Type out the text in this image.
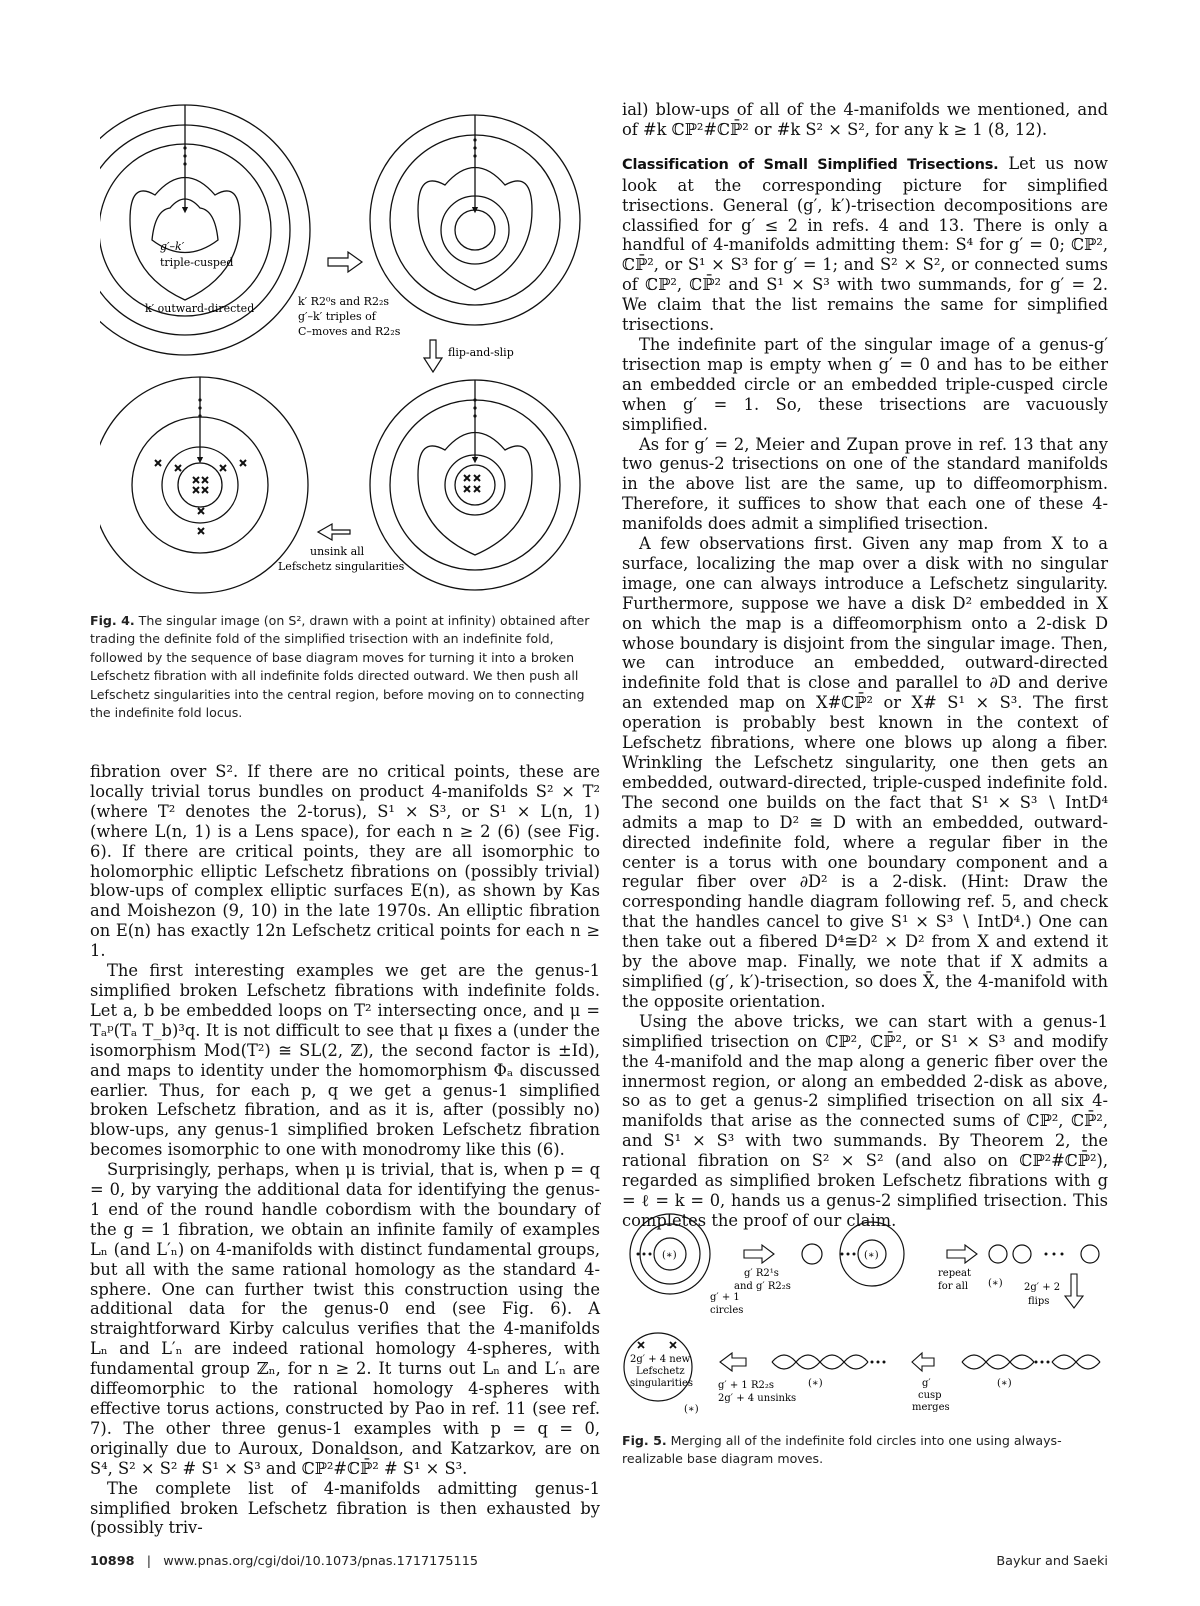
g′–k′
triple-cusped
k′ outward-directed
k′ R2⁰s and R2₂s
g′–k′ triples of
C–moves and R2₂s
flip-and-slip
unsink all
Lefschetz singularities

Fig. 4. The singular image (on S², drawn with a point at infinity) obtained after trading the definite fold of the simplified trisection with an indefinite fold, followed by the sequence of base diagram moves for turning it into a broken Lefschetz fibration with all indefinite folds directed outward. We then push all Lefschetz singularities into the central region, before moving on to connecting the indefinite fold locus.

fibration over S². If there are no critical points, these are locally trivial torus bundles on product 4-manifolds S² × T² (where T² denotes the 2-torus), S¹ × S³, or S¹ × L(n, 1) (where L(n, 1) is a Lens space), for each n ≥ 2 (6) (see Fig. 6). If there are critical points, they are all isomorphic to holomorphic elliptic Lefschetz fibrations on (possibly trivial) blow-ups of complex elliptic surfaces E(n), as shown by Kas and Moishezon (9, 10) in the late 1970s. An elliptic fibration on E(n) has exactly 12n Lefschetz critical points for each n ≥ 1.

The first interesting examples we get are the genus-1 simplified broken Lefschetz fibrations with indefinite folds. Let a, b be embedded loops on T² intersecting once, and μ = Tₐᵖ(Tₐ T_b)³q. It is not difficult to see that μ fixes a (under the isomorphism Mod(T²) ≅ SL(2, ℤ), the second factor is ±Id), and maps to identity under the homomorphism Φₐ discussed earlier. Thus, for each p, q we get a genus-1 simplified broken Lefschetz fibration, and as it is, after (possibly no) blow-ups, any genus-1 simplified broken Lefschetz fibration becomes isomorphic to one with monodromy like this (6).

Surprisingly, perhaps, when μ is trivial, that is, when p = q = 0, by varying the additional data for identifying the genus-1 end of the round handle cobordism with the boundary of the g = 1 fibration, we obtain an infinite family of examples Lₙ (and L′ₙ) on 4-manifolds with distinct fundamental groups, but all with the same rational homology as the standard 4-sphere. One can further twist this construction using the additional data for the genus-0 end (see Fig. 6). A straightforward Kirby calculus verifies that the 4-manifolds Lₙ and L′ₙ are indeed rational homology 4-spheres, with fundamental group ℤₙ, for n ≥ 2. It turns out Lₙ and L′ₙ are diffeomorphic to the rational homology 4-spheres with effective torus actions, constructed by Pao in ref. 11 (see ref. 7). The other three genus-1 examples with p = q = 0, originally due to Auroux, Donaldson, and Katzarkov, are on S⁴, S² × S² # S¹ × S³ and ℂℙ²#ℂℙ̄² # S¹ × S³.

The complete list of 4-manifolds admitting genus-1 simplified broken Lefschetz fibration is then exhausted by (possibly triv-

ial) blow-ups of all of the 4-manifolds we mentioned, and of #k ℂℙ²#ℂℙ̄² or #k S² × S², for any k ≥ 1 (8, 12).

Classification of Small Simplified Trisections. Let us now look at the corresponding picture for simplified trisections. General (g′, k′)-trisection decompositions are classified for g′ ≤ 2 in refs. 4 and 13. There is only a handful of 4-manifolds admitting them: S⁴ for g′ = 0; ℂℙ², ℂℙ̄², or S¹ × S³ for g′ = 1; and S² × S², or connected sums of ℂℙ², ℂℙ̄² and S¹ × S³ with two summands, for g′ = 2. We claim that the list remains the same for simplified trisections.

The indefinite part of the singular image of a genus-g′ trisection map is empty when g′ = 0 and has to be either an embedded circle or an embedded triple-cusped circle when g′ = 1. So, these trisections are vacuously simplified.

As for g′ = 2, Meier and Zupan prove in ref. 13 that any two genus-2 trisections on one of the standard manifolds in the above list are the same, up to diffeomorphism. Therefore, it suffices to show that each one of these 4-manifolds does admit a simplified trisection.

A few observations first. Given any map from X to a surface, localizing the map over a disk with no singular image, one can always introduce a Lefschetz singularity. Furthermore, suppose we have a disk D² embedded in X on which the map is a diffeomorphism onto a 2-disk D whose boundary is disjoint from the singular image. Then, we can introduce an embedded, outward-directed indefinite fold that is close and parallel to ∂D and derive an extended map on X#ℂℙ̄² or X# S¹ × S³. The first operation is probably best known in the context of Lefschetz fibrations, where one blows up along a fiber. Wrinkling the Lefschetz singularity, one then gets an embedded, outward-directed, triple-cusped indefinite fold. The second one builds on the fact that S¹ × S³ ∖ IntD⁴ admits a map to D² ≅ D with an embedded, outward-directed indefinite fold, where a regular fiber in the center is a torus with one boundary component and a regular fiber over ∂D² is a 2-disk. (Hint: Draw the corresponding handle diagram following ref. 5, and check that the handles cancel to give S¹ × S³ ∖ IntD⁴.) One can then take out a fibered D⁴≅D² × D² from X and extend it by the above map. Finally, we note that if X admits a simplified (g′, k′)-trisection, so does X̄, the 4-manifold with the opposite orientation.

Using the above tricks, we can start with a genus-1 simplified trisection on ℂℙ², ℂℙ̄², or S¹ × S³ and modify the 4-manifold and the map along a generic fiber over the innermost region, or along an embedded 2-disk as above, so as to get a genus-2 simplified trisection on all six 4-manifolds that arise as the connected sums of ℂℙ², ℂℙ̄², and S¹ × S³ with two summands. By Theorem 2, the rational fibration on S² × S² (and also on ℂℙ²#ℂℙ̄²), regarded as simplified broken Lefschetz fibrations with g = ℓ = k = 0, hands us a genus-2 simplified trisection. This completes the proof of our claim.

(∗)	(∗)
(∗)
(∗)	(∗)
(∗)
g′ R2¹s
and g′ R2₂s
g′ + 1
circles
repeat
for all	2g′ + 2
flips
2g′ + 4 new
Lefschetz
singularities g′ + 1 R2₂s
2g′ + 4 unsinks
g′
cusp
merges

Fig. 5. Merging all of the indefinite fold circles into one using always-realizable base diagram moves.

10898 | www.pnas.org/cgi/doi/10.1073/pnas.1717175115	Baykur and Saeki
